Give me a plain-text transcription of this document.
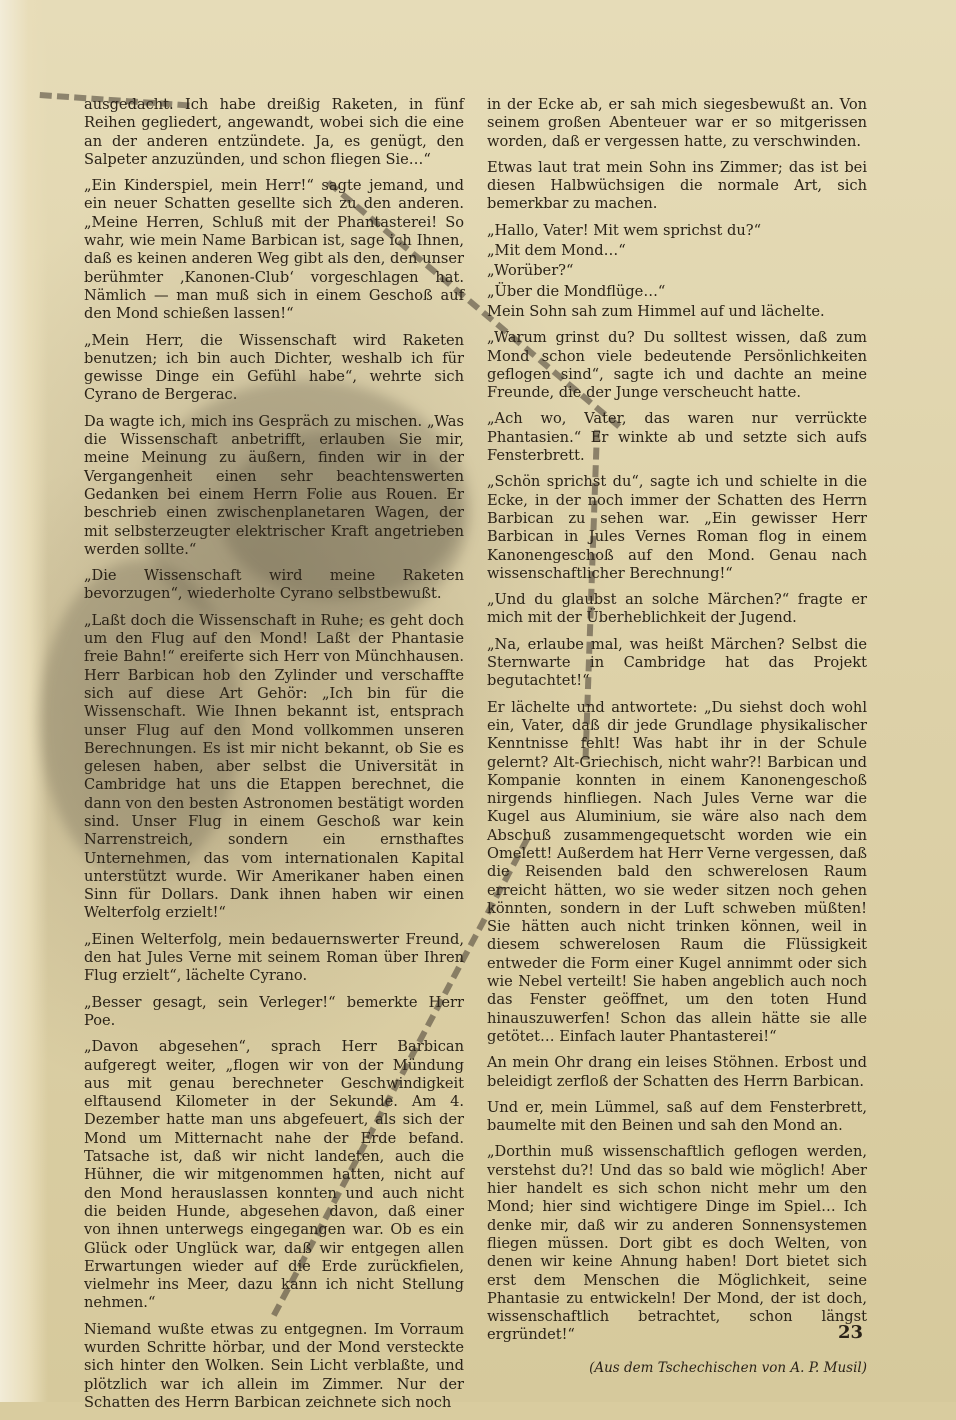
ausgedacht. Ich habe dreißig Raketen, in fünf Reihen gegliedert, angewandt, wobei sich die eine an der anderen entzündete. Ja, es genügt, den Salpeter anzuzünden, und schon fliegen Sie…“

„Ein Kinderspiel, mein Herr!“ sagte jemand, und ein neuer Schatten gesellte sich zu den anderen. „Meine Herren, Schluß mit der Phantasterei! So wahr, wie mein Name Barbican ist, sage ich Ihnen, daß es keinen anderen Weg gibt als den, den unser berühmter ‚Kanonen-Club‘ vorgeschlagen hat. Nämlich — man muß sich in einem Geschoß auf den Mond schießen lassen!“

„Mein Herr, die Wissenschaft wird Raketen benutzen; ich bin auch Dichter, weshalb ich für gewisse Dinge ein Gefühl habe“, wehrte sich Cyrano de Bergerac.

Da wagte ich, mich ins Gespräch zu mischen. „Was die Wissenschaft anbetrifft, erlauben Sie mir, meine Meinung zu äußern, finden wir in der Vergangenheit einen sehr beachtenswerten Gedanken bei einem Herrn Folie aus Rouen. Er beschrieb einen zwischenplanetaren Wagen, der mit selbsterzeugter elektrischer Kraft angetrieben werden sollte.“

„Die Wissenschaft wird meine Raketen bevorzugen“, wiederholte Cyrano selbstbewußt.

„Laßt doch die Wissenschaft in Ruhe; es geht doch um den Flug auf den Mond! Laßt der Phantasie freie Bahn!“ ereiferte sich Herr von Münchhausen. Herr Barbican hob den Zylinder und verschaffte sich auf diese Art Gehör: „Ich bin für die Wissenschaft. Wie Ihnen bekannt ist, entsprach unser Flug auf den Mond vollkommen unseren Berechnungen. Es ist mir nicht bekannt, ob Sie es gelesen haben, aber selbst die Universität in Cambridge hat uns die Etappen berechnet, die dann von den besten Astronomen bestätigt worden sind. Unser Flug in einem Geschoß war kein Narrenstreich, sondern ein ernsthaftes Unternehmen, das vom internationalen Kapital unterstützt wurde. Wir Amerikaner haben einen Sinn für Dollars. Dank ihnen haben wir einen Welterfolg erzielt!“

„Einen Welterfolg, mein bedauernswerter Freund, den hat Jules Verne mit seinem Roman über Ihren Flug erzielt“, lächelte Cyrano.

„Besser gesagt, sein Verleger!“ bemerkte Herr Poe.

„Davon abgesehen“, sprach Herr Barbican aufgeregt weiter, „flogen wir von der Mündung aus mit genau berechneter Geschwindigkeit elftausend Kilometer in der Sekunde. Am 4. Dezember hatte man uns abgefeuert, als sich der Mond um Mitternacht nahe der Erde befand. Tatsache ist, daß wir nicht landeten, auch die Hühner, die wir mitgenommen hatten, nicht auf den Mond herauslassen konnten und auch nicht die beiden Hunde, abgesehen davon, daß einer von ihnen unterwegs eingegangen war. Ob es ein Glück oder Unglück war, daß wir entgegen allen Erwartungen wieder auf die Erde zurückfielen, vielmehr ins Meer, dazu kann ich nicht Stellung nehmen.“

Niemand wußte etwas zu entgegnen. Im Vorraum wurden Schritte hörbar, und der Mond versteckte sich hinter den Wolken. Sein Licht verblaßte, und plötzlich war ich allein im Zimmer. Nur der Schatten des Herrn Barbican zeichnete sich noch

in der Ecke ab, er sah mich siegesbewußt an. Von seinem großen Abenteuer war er so mitgerissen worden, daß er vergessen hatte, zu verschwinden.

Etwas laut trat mein Sohn ins Zimmer; das ist bei diesen Halbwüchsigen die normale Art, sich bemerkbar zu machen.

„Hallo, Vater! Mit wem sprichst du?“

„Mit dem Mond…“

„Worüber?“

„Über die Mondflüge…“

Mein Sohn sah zum Himmel auf und lächelte.

„Warum grinst du? Du solltest wissen, daß zum Mond schon viele bedeutende Persönlichkeiten geflogen sind“, sagte ich und dachte an meine Freunde, die der Junge verscheucht hatte.

„Ach wo, Vater, das waren nur verrückte Phantasien.“ Er winkte ab und setzte sich aufs Fensterbrett.

„Schön sprichst du“, sagte ich und schielte in die Ecke, in der noch immer der Schatten des Herrn Barbican zu sehen war. „Ein gewisser Herr Barbican in Jules Vernes Roman flog in einem Kanonengeschoß auf den Mond. Genau nach wissenschaftlicher Berechnung!“

„Und du glaubst an solche Märchen?“ fragte er mich mit der Überheblichkeit der Jugend.

„Na, erlaube mal, was heißt Märchen? Selbst die Sternwarte in Cambridge hat das Projekt begutachtet!“

Er lächelte und antwortete: „Du siehst doch wohl ein, Vater, daß dir jede Grundlage physikalischer Kenntnisse fehlt! Was habt ihr in der Schule gelernt? Alt-Griechisch, nicht wahr?! Barbican und Kompanie konnten in einem Kanonengeschoß nirgends hinfliegen. Nach Jules Verne war die Kugel aus Aluminium, sie wäre also nach dem Abschuß zusammengequetscht worden wie ein Omelett! Außerdem hat Herr Verne vergessen, daß die Reisenden bald den schwerelosen Raum erreicht hätten, wo sie weder sitzen noch gehen könnten, sondern in der Luft schweben müßten! Sie hätten auch nicht trinken können, weil in diesem schwerelosen Raum die Flüssigkeit entweder die Form einer Kugel annimmt oder sich wie Nebel verteilt! Sie haben angeblich auch noch das Fenster geöffnet, um den toten Hund hinauszuwerfen! Schon das allein hätte sie alle getötet… Einfach lauter Phantasterei!“

An mein Ohr drang ein leises Stöhnen. Erbost und beleidigt zerfloß der Schatten des Herrn Barbican.

Und er, mein Lümmel, saß auf dem Fensterbrett, baumelte mit den Beinen und sah den Mond an.

„Dorthin muß wissenschaftlich geflogen werden, verstehst du?! Und das so bald wie möglich! Aber hier handelt es sich schon nicht mehr um den Mond; hier sind wichtigere Dinge im Spiel… Ich denke mir, daß wir zu anderen Sonnensystemen fliegen müssen. Dort gibt es doch Welten, von denen wir keine Ahnung haben! Dort bietet sich erst dem Menschen die Möglichkeit, seine Phantasie zu entwickeln! Der Mond, der ist doch, wissenschaftlich betrachtet, schon längst ergründet!“

(Aus dem Tschechischen von A. P. Musil)
23
